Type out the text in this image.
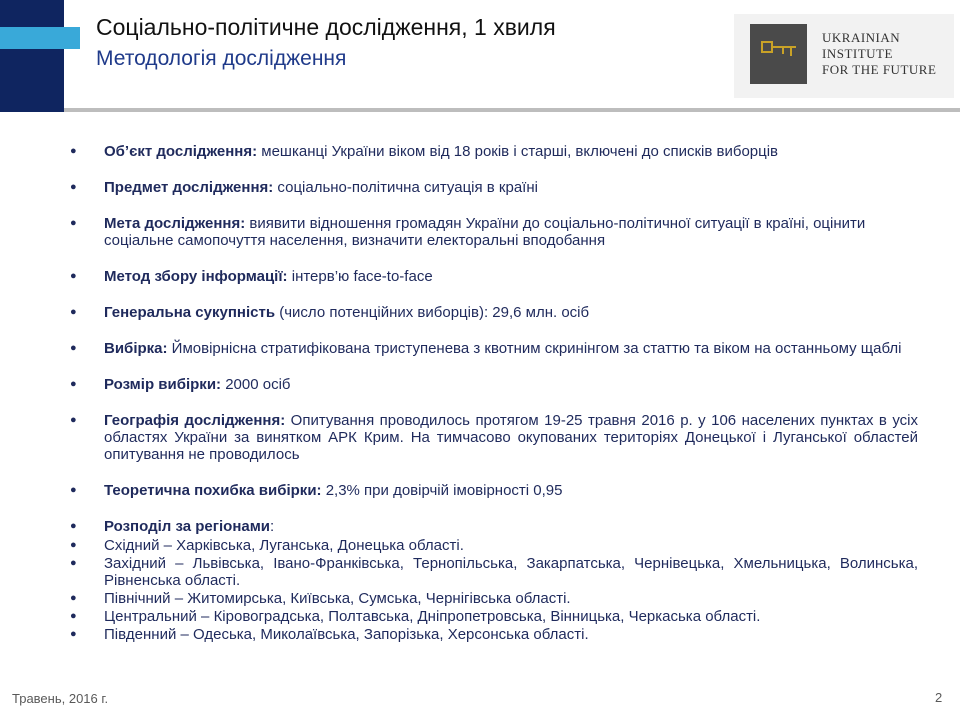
Соціально-політичне дослідження, 1 хвиля
Методологія дослідження
UKRAINIAN
INSTITUTE
FOR THE FUTURE
● Об’єкт дослідження: мешканці України віком від 18 років і старші, включені до списків виборців
● Предмет дослідження: соціально-політична ситуація в країні
● Мета дослідження: виявити відношення громадян України до соціально-політичної ситуації в країні, оцінити соціальне самопочуття населення, визначити електоральні вподобання
● Метод збору інформації: інтерв’ю face-to-face
● Генеральна сукупність (число потенційних виборців): 29,6 млн. осіб
● Вибірка: Ймовірнісна стратифікована триступенева з квотним скринінгом за статтю та віком на останньому щаблі
● Розмір вибірки: 2000 осіб
● Географія дослідження: Опитування проводилось протягом 19-25 травня 2016 р. у 106 населених пунктах в усіх областях України за винятком АРК Крим. На тимчасово окупованих територіях Донецької і Луганської областей опитування не проводилось
● Теоретична похибка вибірки: 2,3% при довірчій імовірності 0,95
● Розподіл за регіонами:
● Східний – Харківська, Луганська, Донецька області.
● Західний – Львівська, Івано-Франківська, Тернопільська, Закарпатська, Чернівецька, Хмельницька, Волинська, Рівненська області.
● Північний – Житомирська, Київська, Сумська, Чернігівська області.
● Центральний – Кіровоградська, Полтавська, Дніпропетровська, Вінницька, Черкаська області.
● Південний – Одеська, Миколаївська, Запорізька, Херсонська області.
Травень, 2016 г.	2
